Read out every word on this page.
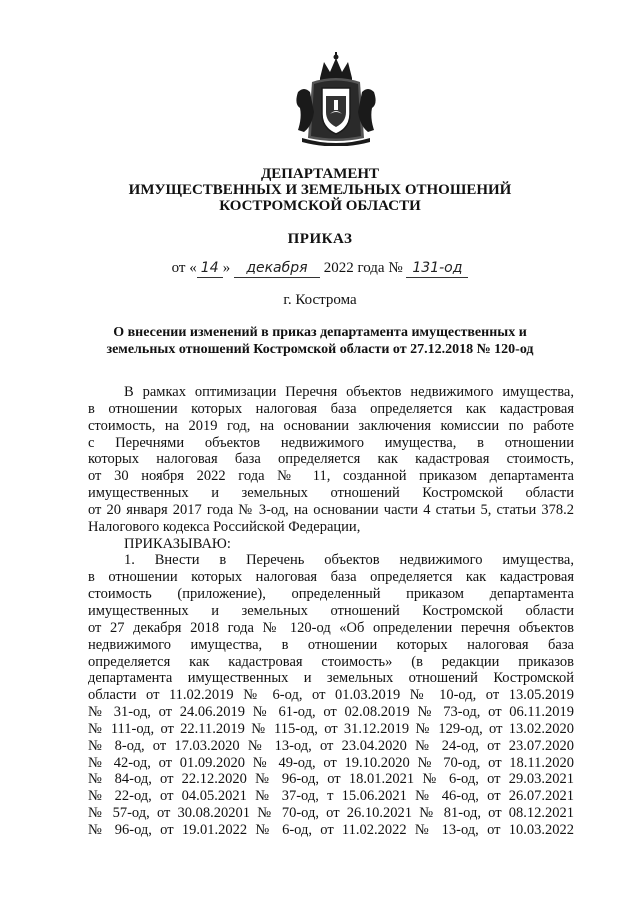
ДЕПАРТАМЕНТ
ИМУЩЕСТВЕННЫХ И ЗЕМЕЛЬНЫХ ОТНОШЕНИЙ
КОСТРОМСКОЙ ОБЛАСТИ
ПРИКАЗ
от « 14 » декабря 2022 года № 131-од
г. Кострома
О внесении изменений в приказ департамента имущественных и
земельных отношений Костромской области от 27.12.2018 № 120-од
В рамках оптимизации Перечня объектов недвижимого имущества,
в отношении которых налоговая база определяется как кадастровая
стоимость, на 2019 год, на основании заключения комиссии по работе
с Перечнями объектов недвижимого имущества, в отношении
которых налоговая база определяется как кадастровая стоимость,
от 30 ноября 2022 года № 11, созданной приказом департамента
имущественных и земельных отношений Костромской области
от 20 января 2017 года № 3-од, на основании части 4 статьи 5, статьи 378.2
Налогового кодекса Российской Федерации,
ПРИКАЗЫВАЮ:
1. Внести в Перечень объектов недвижимого имущества,
в отношении которых налоговая база определяется как кадастровая
стоимость (приложение), определенный приказом департамента
имущественных и земельных отношений Костромской области
от 27 декабря 2018 года № 120-од «Об определении перечня объектов
недвижимого имущества, в отношении которых налоговая база
определяется как кадастровая стоимость» (в редакции приказов
департамента имущественных и земельных отношений Костромской
области от 11.02.2019 № 6-од, от 01.03.2019 № 10-од, от 13.05.2019
№ 31-од, от 24.06.2019 № 61-од, от 02.08.2019 № 73-од, от 06.11.2019
№ 111-од, от 22.11.2019 № 115-од, от 31.12.2019 № 129-од, от 13.02.2020
№ 8-од, от 17.03.2020 № 13-од, от 23.04.2020 № 24-од, от 23.07.2020
№ 42-од, от 01.09.2020 № 49-од, от 19.10.2020 № 70-од, от 18.11.2020
№ 84-од, от 22.12.2020 № 96-од, от 18.01.2021 № 6-од, от 29.03.2021
№ 22-од, от 04.05.2021 № 37-од, т 15.06.2021 № 46-од, от 26.07.2021
№ 57-од, от 30.08.20201 № 70-од, от 26.10.2021 № 81-од, от 08.12.2021
№ 96-од, от 19.01.2022 № 6-од, от 11.02.2022 № 13-од, от 10.03.2022
